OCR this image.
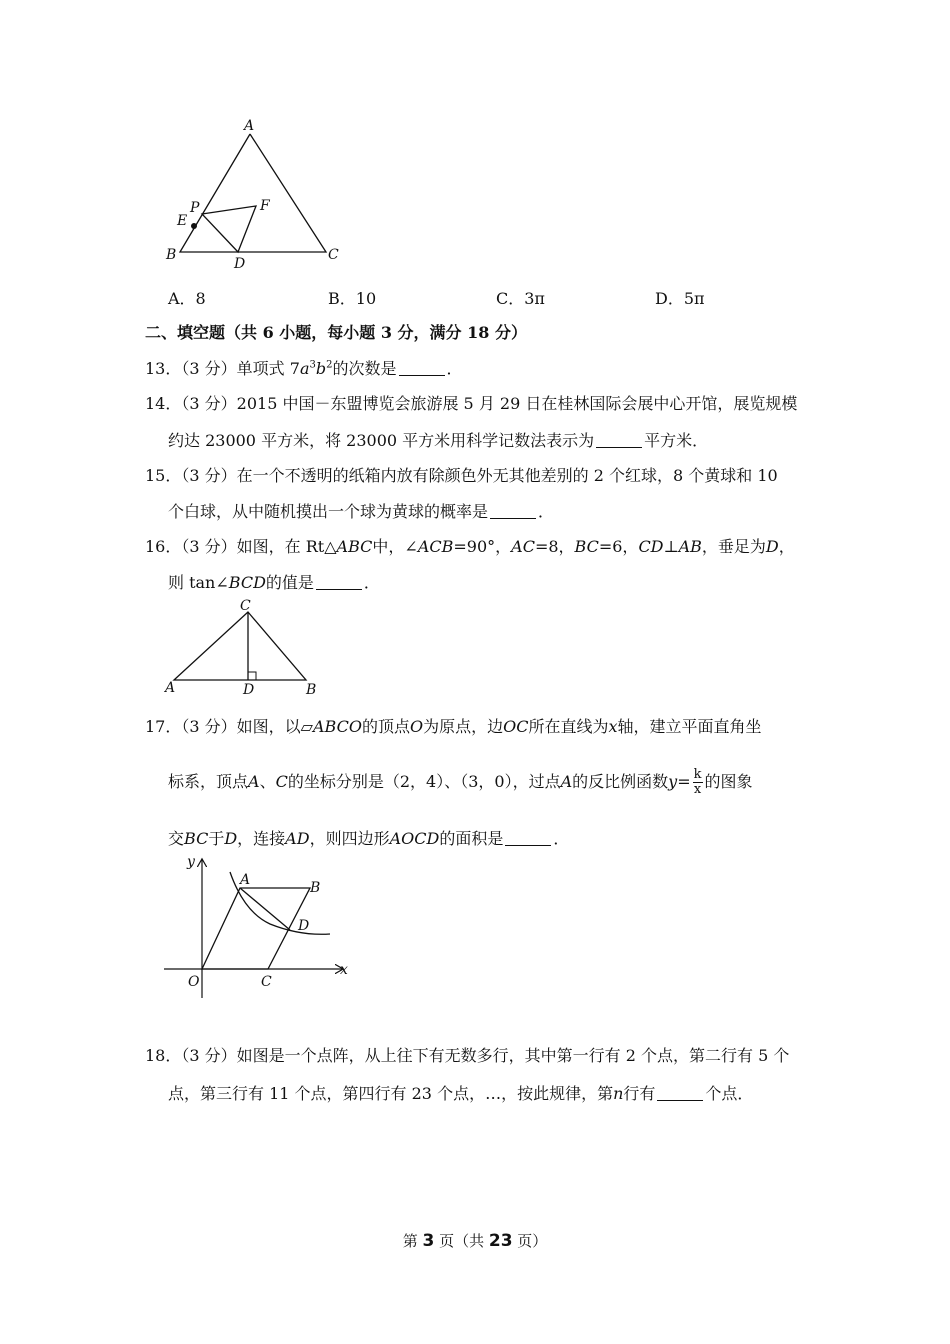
A
P	F
E
B
D
C
A．8	B．10	C．3π	D．5π
二、填空题（共 6 小题，每小题 3 分，满分 18 分）
13．（3 分）单项式 $7a^3b^2$的次数是	．
14．（3 分）2015 中国－东盟博览会旅游展 5 月 29 日在桂林国际会展中心开馆，展览规模
约达 23000 平方米，将 23000 平方米用科学记数法表示为	平方米．
15．（3 分）在一个不透明的纸箱内放有除颜色外无其他差别的 2 个红球，8 个黄球和 10
个白球，从中随机摸出一个球为黄球的概率是	．
16．（3 分）如图，在 Rt△ABC中，∠ACB=90°，AC=8，BC=6，CD⊥AB，垂足为D，
则 tan∠BCD的值是	．
C
A	D	B
17．（3 分）如图，以▱ABCO的顶点O为原点，边OC所在直线为x轴，建立平面直角坐
标系，顶点A、C的坐标分别是（2，4）、（3，0），过点A的反比例函数$y= \frac{k}{x}$ 的图象
交BC于D，连接AD，则四边形AOCD的面积是	．
y
A	B
D
O	C
x
18．（3 分）如图是一个点阵，从上往下有无数多行，其中第一行有 2 个点，第二行有 5 个
点，第三行有 11 个点，第四行有 23 个点，…，按此规律，第n行有	个点．
第 3 页（共 23 页）
